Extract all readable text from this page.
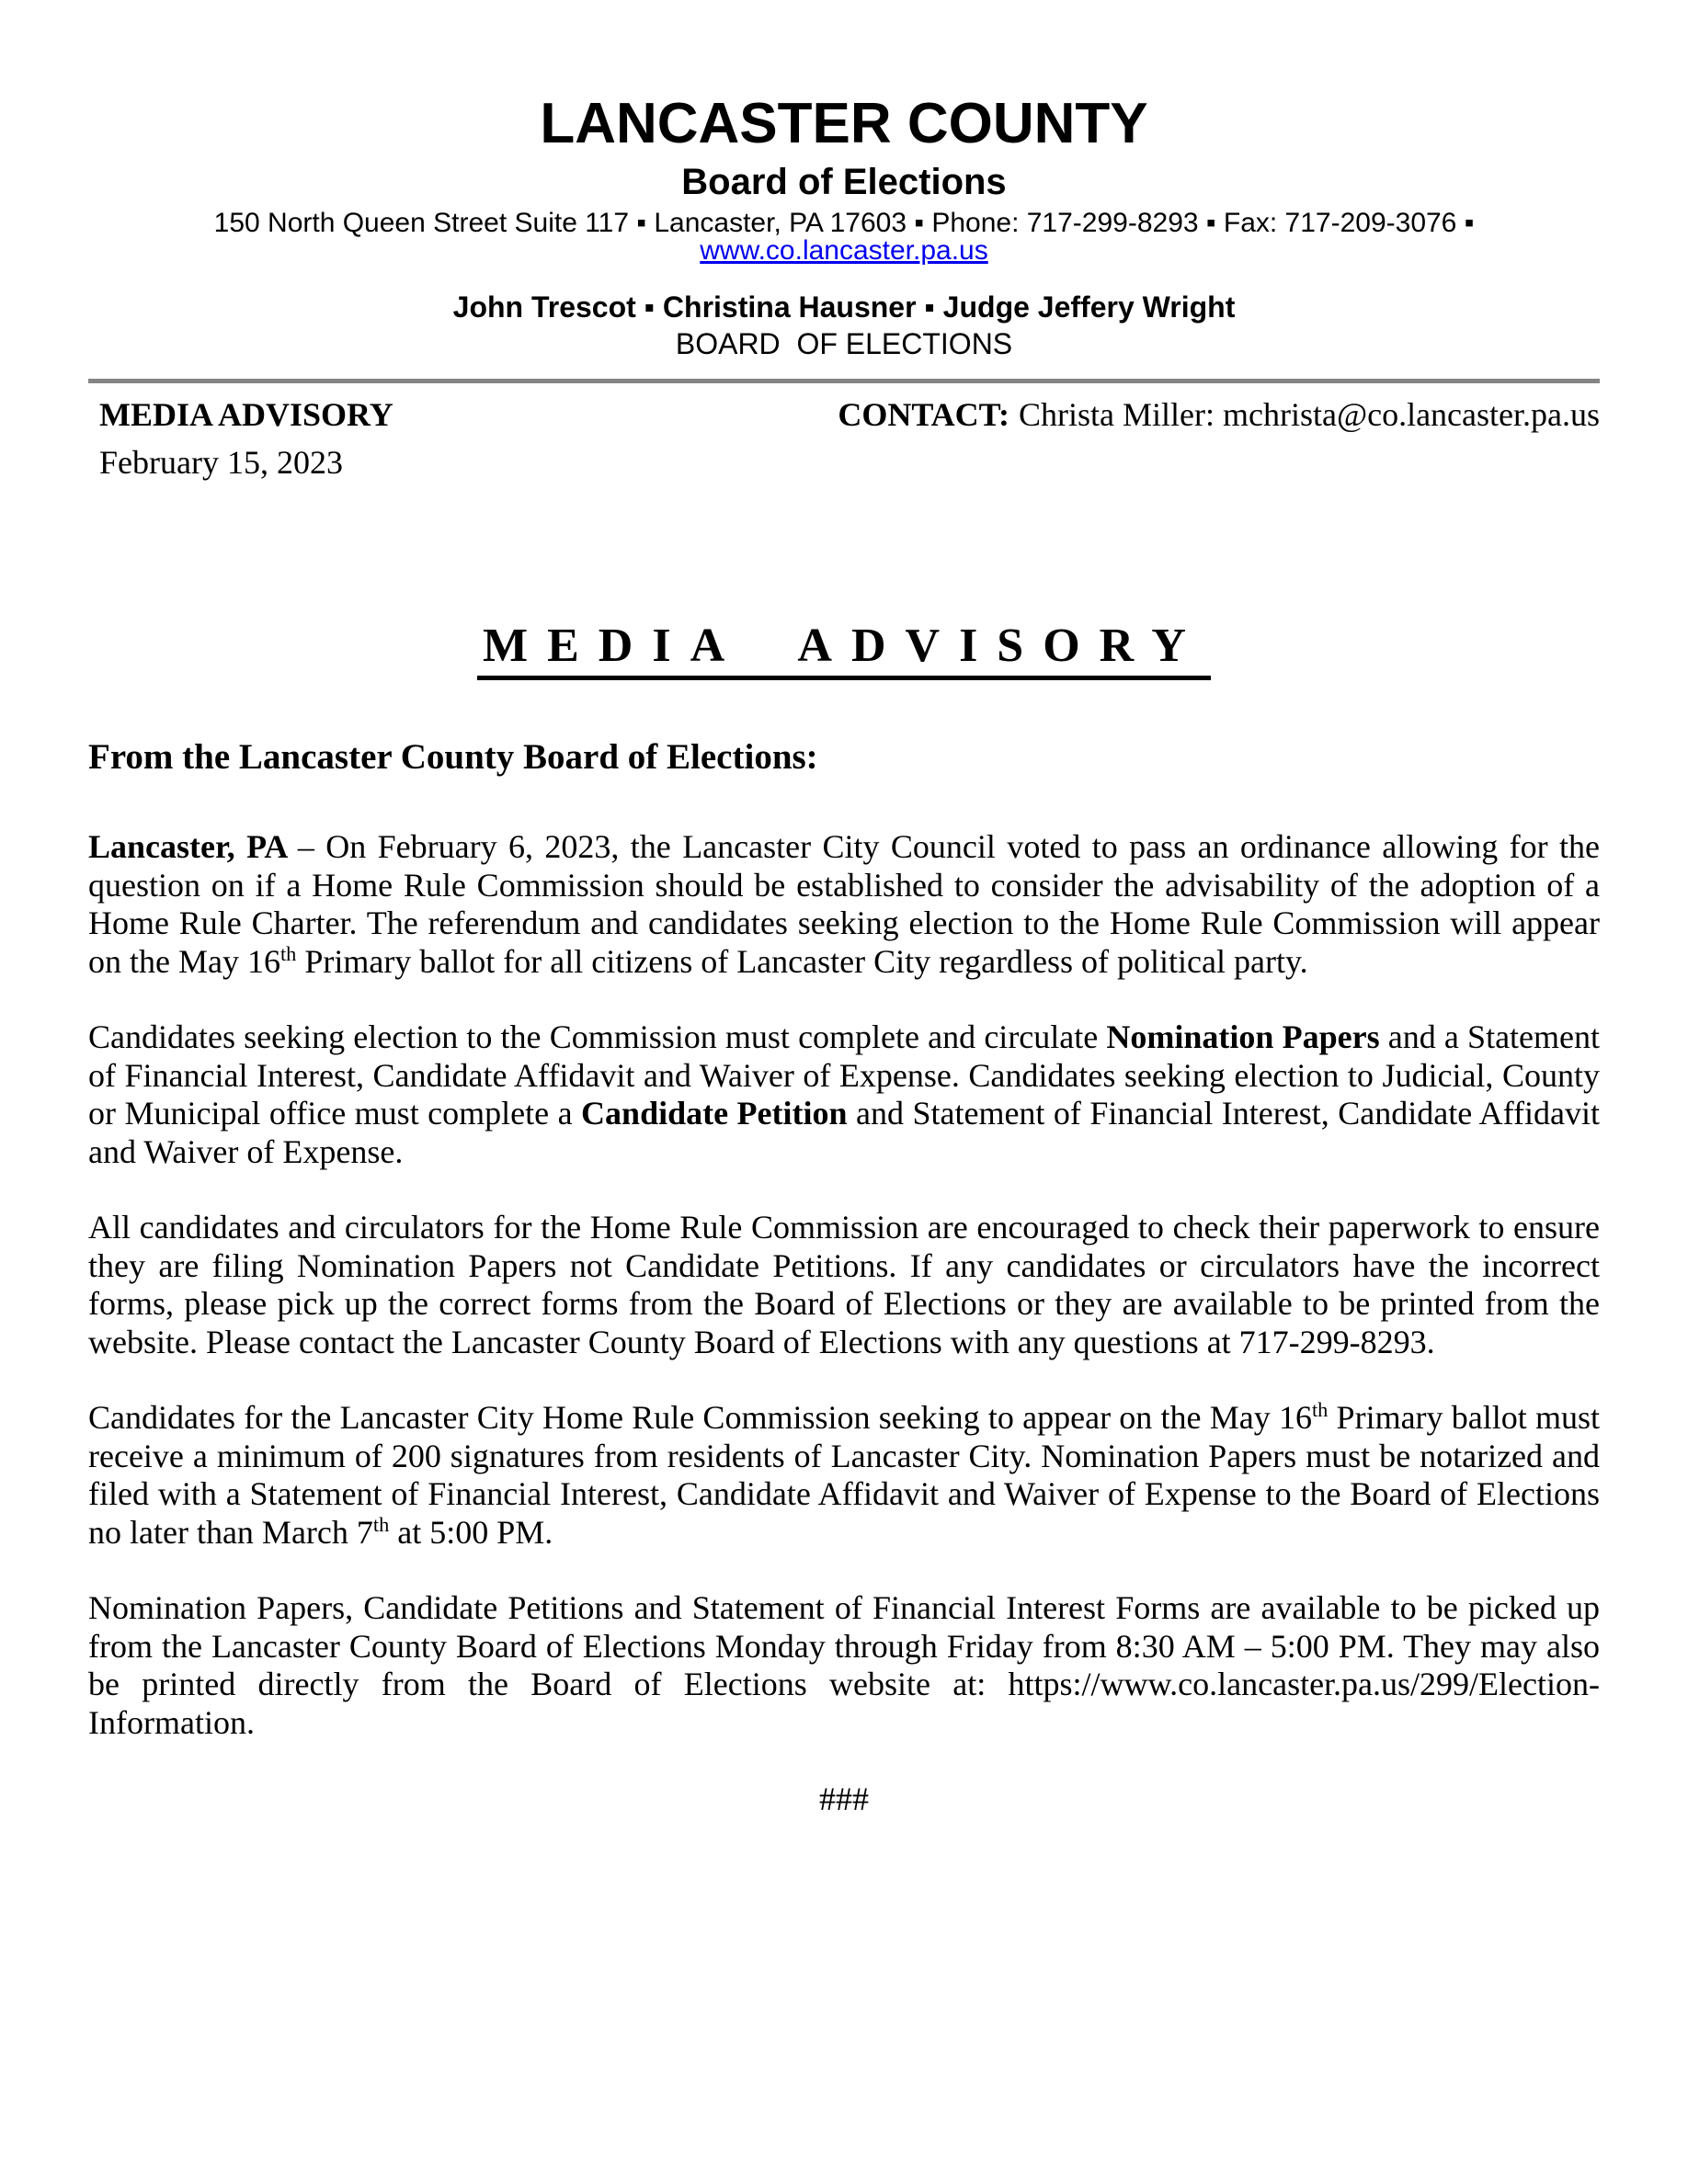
LANCASTER COUNTY
Board of Elections
150 North Queen Street Suite 117 ▪ Lancaster, PA 17603 ▪ Phone: 717-299-8293 ▪ Fax: 717-209-3076 ▪ www.co.lancaster.pa.us
John Trescot ▪ Christina Hausner ▪ Judge Jeffery Wright
BOARD  OF ELECTIONS
MEDIA ADVISORY	CONTACT: Christa Miller: mchrista@co.lancaster.pa.us
February 15, 2023
MEDIA ADVISORY
From the Lancaster County Board of Elections:

Lancaster, PA – On February 6, 2023, the Lancaster City Council voted to pass an ordinance allowing for the question on if a Home Rule Commission should be established to consider the advisability of the adoption of a Home Rule Charter. The referendum and candidates seeking election to the Home Rule Commission will appear on the May 16th Primary ballot for all citizens of Lancaster City regardless of political party.

Candidates seeking election to the Commission must complete and circulate Nomination Papers and a Statement of Financial Interest, Candidate Affidavit and Waiver of Expense. Candidates seeking election to Judicial, County or Municipal office must complete a Candidate Petition and Statement of Financial Interest, Candidate Affidavit and Waiver of Expense.

All candidates and circulators for the Home Rule Commission are encouraged to check their paperwork to ensure they are filing Nomination Papers not Candidate Petitions. If any candidates or circulators have the incorrect forms, please pick up the correct forms from the Board of Elections or they are available to be printed from the website. Please contact the Lancaster County Board of Elections with any questions at 717-299-8293.

Candidates for the Lancaster City Home Rule Commission seeking to appear on the May 16th Primary ballot must receive a minimum of 200 signatures from residents of Lancaster City. Nomination Papers must be notarized and filed with a Statement of Financial Interest, Candidate Affidavit and Waiver of Expense to the Board of Elections no later than March 7th at 5:00 PM.

Nomination Papers, Candidate Petitions and Statement of Financial Interest Forms are available to be picked up from the Lancaster County Board of Elections Monday through Friday from 8:30 AM – 5:00 PM. They may also be printed directly from the Board of Elections website at: https://www.co.lancaster.pa.us/299/Election-Information.

###
